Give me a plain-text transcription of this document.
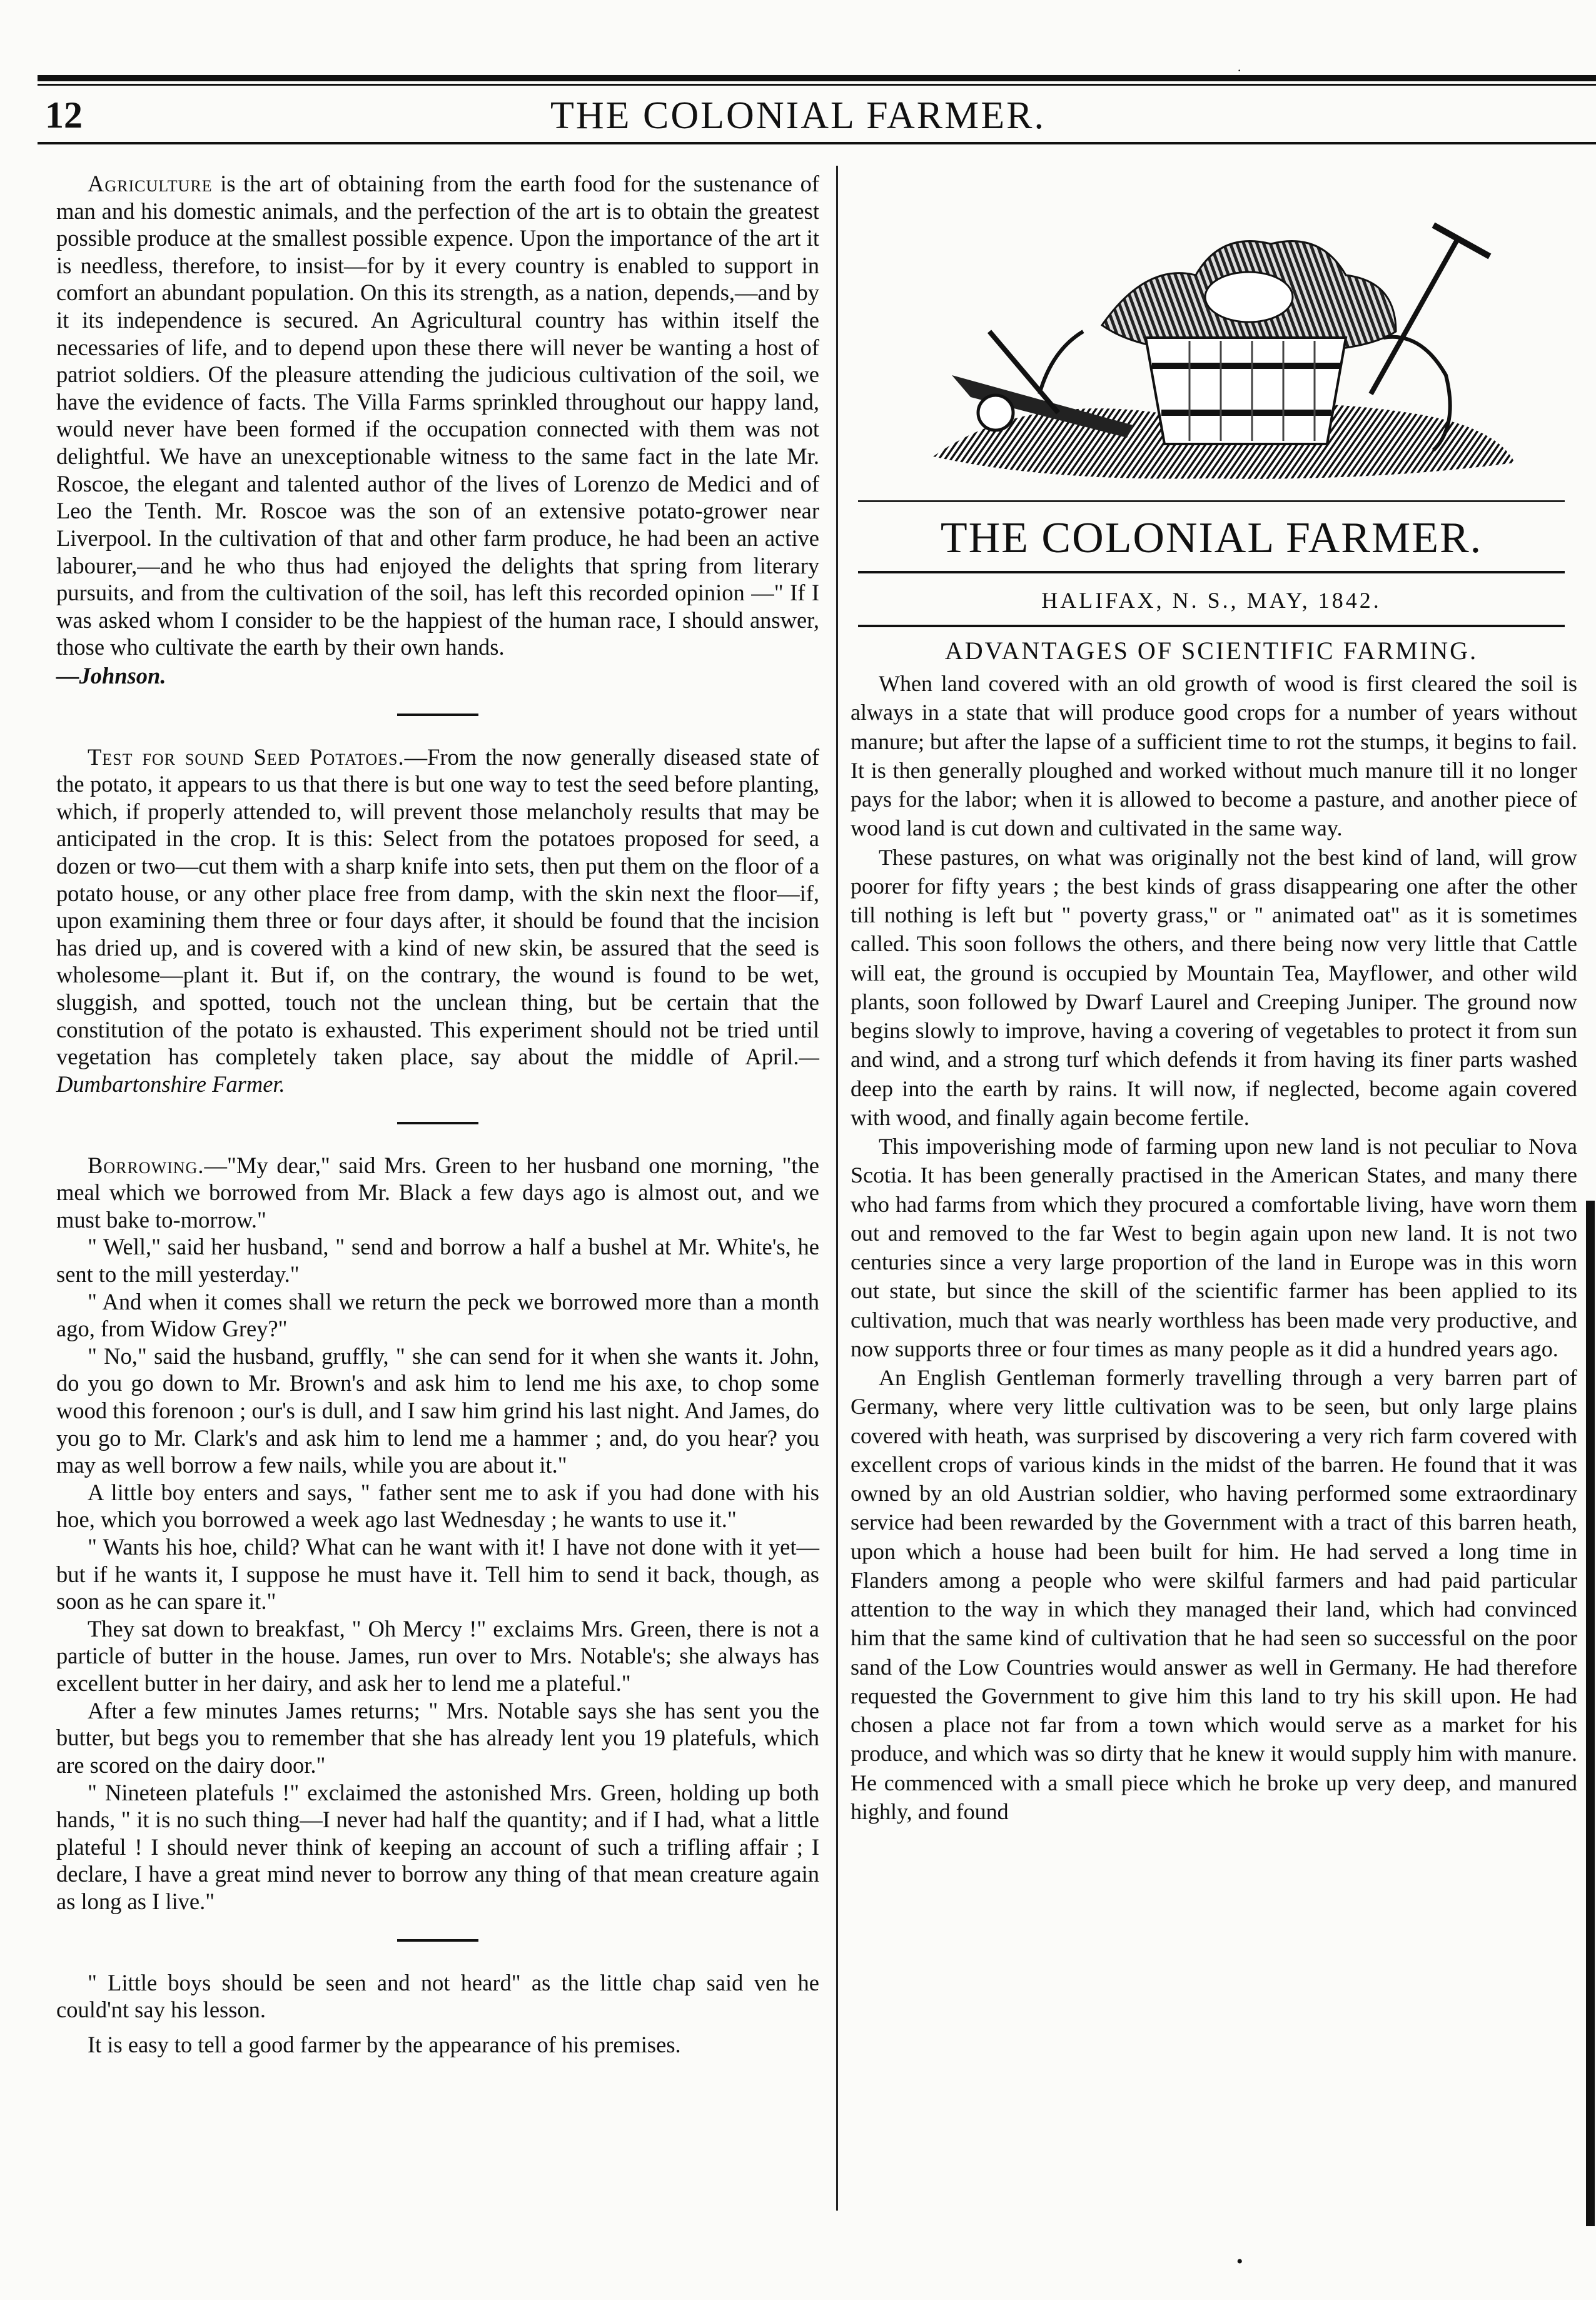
·
12	THE COLONIAL FARMER.

Agriculture is the art of obtaining from the earth food for the sustenance of man and his domestic animals, and the perfection of the art is to obtain the greatest possible produce at the smallest possible expence. Upon the importance of the art it is needless, therefore, to insist—for by it every country is enabled to support in comfort an abundant population. On this its strength, as a nation, depends,—and by it its independence is secured. An Agricultural country has within itself the necessaries of life, and to depend upon these there will never be wanting a host of patriot soldiers. Of the pleasure attending the judicious cultivation of the soil, we have the evidence of facts. The Villa Farms sprinkled throughout our happy land, would never have been formed if the occupation connected with them was not delightful. We have an unexceptionable witness to the same fact in the late Mr. Roscoe, the elegant and talented author of the lives of Lorenzo de Medici and of Leo the Tenth. Mr. Roscoe was the son of an extensive potato-grower near Liverpool. In the cultivation of that and other farm produce, he had been an active labourer,—and he who thus had enjoyed the delights that spring from literary pursuits, and from the cultivation of the soil, has left this recorded opinion —" If I was asked whom I consider to be the happiest of the human race, I should answer, those who cultivate the earth by their own hands.

—Johnson.

Test for sound Seed Potatoes.—From the now generally diseased state of the potato, it appears to us that there is but one way to test the seed before planting, which, if properly attended to, will prevent those melancholy results that may be anticipated in the crop. It is this: Select from the potatoes proposed for seed, a dozen or two—cut them with a sharp knife into sets, then put them on the floor of a potato house, or any other place free from damp, with the skin next the floor—if, upon examining them three or four days after, it should be found that the incision has dried up, and is covered with a kind of new skin, be assured that the seed is wholesome—plant it. But if, on the contrary, the wound is found to be wet, sluggish, and spotted, touch not the unclean thing, but be certain that the constitution of the potato is exhausted. This experiment should not be tried until vegetation has completely taken place, say about the middle of April.—Dumbartonshire Farmer.

Borrowing.—"My dear," said Mrs. Green to her husband one morning, "the meal which we borrowed from Mr. Black a few days ago is almost out, and we must bake to-morrow."

" Well," said her husband, " send and borrow a half a bushel at Mr. White's, he sent to the mill yesterday."

" And when it comes shall we return the peck we borrowed more than a month ago, from Widow Grey?"

" No," said the husband, gruffly, " she can send for it when she wants it. John, do you go down to Mr. Brown's and ask him to lend me his axe, to chop some wood this forenoon ; our's is dull, and I saw him grind his last night. And James, do you go to Mr. Clark's and ask him to lend me a hammer ; and, do you hear? you may as well borrow a few nails, while you are about it."

A little boy enters and says, " father sent me to ask if you had done with his hoe, which you borrowed a week ago last Wednesday ; he wants to use it."

" Wants his hoe, child? What can he want with it! I have not done with it yet—but if he wants it, I suppose he must have it. Tell him to send it back, though, as soon as he can spare it."

They sat down to breakfast, " Oh Mercy !" exclaims Mrs. Green, there is not a particle of butter in the house. James, run over to Mrs. Notable's; she always has excellent butter in her dairy, and ask her to lend me a plateful."

After a few minutes James returns; " Mrs. Notable says she has sent you the butter, but begs you to remember that she has already lent you 19 platefuls, which are scored on the dairy door."

" Nineteen platefuls !" exclaimed the astonished Mrs. Green, holding up both hands, " it is no such thing—I never had half the quantity; and if I had, what a little plateful ! I should never think of keeping an account of such a trifling affair ; I declare, I have a great mind never to borrow any thing of that mean creature again as long as I live."

" Little boys should be seen and not heard" as the little chap said ven he could'nt say his lesson.

It is easy to tell a good farmer by the appearance of his premises.

THE COLONIAL FARMER.
HALIFAX, N. S., MAY, 1842.
ADVANTAGES OF SCIENTIFIC FARMING.

When land covered with an old growth of wood is first cleared the soil is always in a state that will produce good crops for a number of years without manure; but after the lapse of a sufficient time to rot the stumps, it begins to fail. It is then generally ploughed and worked without much manure till it no longer pays for the labor; when it is allowed to become a pasture, and another piece of wood land is cut down and cultivated in the same way.

These pastures, on what was originally not the best kind of land, will grow poorer for fifty years ; the best kinds of grass disappearing one after the other till nothing is left but " poverty grass," or " animated oat" as it is sometimes called. This soon follows the others, and there being now very little that Cattle will eat, the ground is occupied by Mountain Tea, Mayflower, and other wild plants, soon followed by Dwarf Laurel and Creeping Juniper. The ground now begins slowly to improve, having a covering of vegetables to protect it from sun and wind, and a strong turf which defends it from having its finer parts washed deep into the earth by rains. It will now, if neglected, become again covered with wood, and finally again become fertile.

This impoverishing mode of farming upon new land is not peculiar to Nova Scotia. It has been generally practised in the American States, and many there who had farms from which they procured a comfortable living, have worn them out and removed to the far West to begin again upon new land. It is not two centuries since a very large proportion of the land in Europe was in this worn out state, but since the skill of the scientific farmer has been applied to its cultivation, much that was nearly worthless has been made very productive, and now supports three or four times as many people as it did a hundred years ago.

An English Gentleman formerly travelling through a very barren part of Germany, where very little cultivation was to be seen, but only large plains covered with heath, was surprised by discovering a very rich farm covered with excellent crops of various kinds in the midst of the barren. He found that it was owned by an old Austrian soldier, who having performed some extraordinary service had been rewarded by the Government with a tract of this barren heath, upon which a house had been built for him. He had served a long time in Flanders among a people who were skilful farmers and had paid particular attention to the way in which they managed their land, which had convinced him that the same kind of cultivation that he had seen so successful on the poor sand of the Low Countries would answer as well in Germany. He had therefore requested the Government to give him this land to try his skill upon. He had chosen a place not far from a town which would serve as a market for his produce, and which was so dirty that he knew it would supply him with manure. He commenced with a small piece which he broke up very deep, and manured highly, and found

•
